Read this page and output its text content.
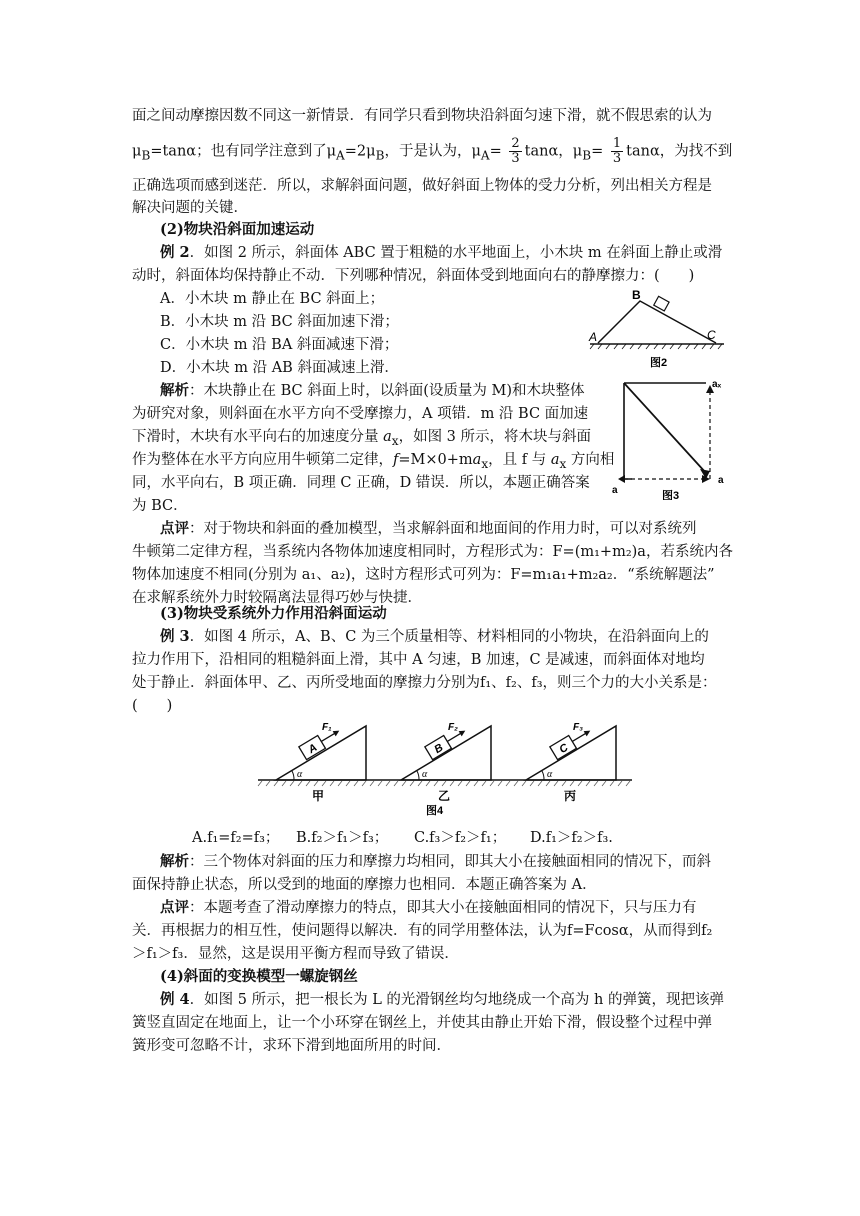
面之间动摩擦因数不同这一新情景．有同学只看到物块沿斜面匀速下滑，就不假思索的认为
$\mu_B=\tan\alpha$；也有同学注意到了$\mu_A=2\mu_B$，于是认为，$\mu_A= \frac{2}{3}$ tanα，$\mu_B= \frac{1}{3}$ tanα，为找不到
正确选项而感到迷茫．所以，求解斜面问题，做好斜面上物体的受力分析，列出相关方程是
解决问题的关键．
(2)物块沿斜面加速运动
例 2．如图 2 所示，斜面体 ABC 置于粗糙的水平地面上，小木块 m 在斜面上静止或滑
动时，斜面体均保持静止不动．下列哪种情况，斜面体受到地面向右的静摩擦力：(　　)
A．小木块 m 静止在 BC 斜面上；
B．小木块 m 沿 BC 斜面加速下滑；
C．小木块 m 沿 BA 斜面减速下滑；
D．小木块 m 沿 AB 斜面减速上滑．
解析：木块静止在 BC 斜面上时，以斜面(设质量为 M)和木块整体
为研究对象，则斜面在水平方向不受摩擦力，A 项错．m 沿 BC 面加速
下滑时，木块有水平向右的加速度分量 $a_x$，如图 3 所示，将木块与斜面
作为整体在水平方向应用牛顿第二定律，$f=M\times 0+ma_x$，且 f 与 $a_x$ 方向相
同，水平向右，B 项正确．同理 C 正确，D 错误．所以，本题正确答案
为 BC．
点评：对于物块和斜面的叠加模型，当求解斜面和地面间的作用力时，可以对系统列
牛顿第二定律方程，当系统内各物体加速度相同时，方程形式为：F=(m₁+m₂)a，若系统内各
物体加速度不相同(分别为 a₁、a₂)，这时方程形式可列为：F=m₁a₁+m₂a₂．“系统解题法”
在求解系统外力时较隔离法显得巧妙与快捷．
B
A	C
图2
aₓ
a
a
图3
(3)物块受系统外力作用沿斜面运动
例 3．如图 4 所示，A、B、C 为三个质量相等、材料相同的小物块，在沿斜面向上的
拉力作用下，沿相同的粗糙斜面上滑，其中 A 匀速，B 加速，C 是减速，而斜面体对地均
处于静止．斜面体甲、乙、丙所受地面的摩擦力分别为f₁、f₂、f₃，则三个力的大小关系是：
(　　)
A
F₁
α
甲
B
F₂
α
乙
图4
C
F₃
α
丙
A.f₁=f₂=f₃；	B.f₂＞f₁＞f₃；	C.f₃＞f₂＞f₁；	D.f₁＞f₂＞f₃.
解析：三个物体对斜面的压力和摩擦力均相同，即其大小在接触面相同的情况下，而斜
面保持静止状态，所以受到的地面的摩擦力也相同．本题正确答案为 A．
点评：本题考查了滑动摩擦力的特点，即其大小在接触面相同的情况下，只与压力有
关．再根据力的相互性，使问题得以解决．有的同学用整体法，认为f=Fcosα，从而得到f₂
＞f₁＞f₃．显然，这是误用平衡方程而导致了错误．
(4)斜面的变换模型一螺旋钢丝
例 4．如图 5 所示，把一根长为 L 的光滑钢丝均匀地绕成一个高为 h 的弹簧，现把该弹
簧竖直固定在地面上，让一个小环穿在钢丝上，并使其由静止开始下滑，假设整个过程中弹
簧形变可忽略不计，求环下滑到地面所用的时间．
